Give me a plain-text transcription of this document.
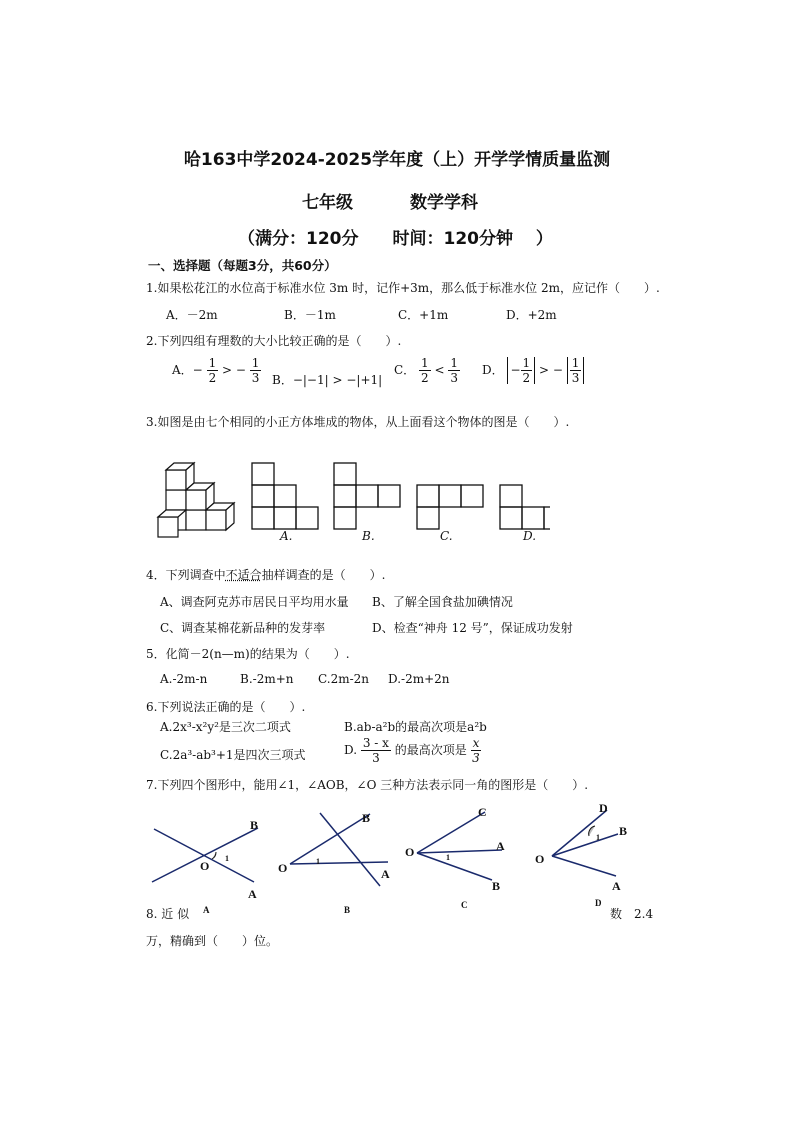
哈163中学2024-2025学年度（上）开学学情质量监测
七年级	数学学科
（满分：120分　　时间：120分钟　 ）
一、选择题（每题3分，共60分）
1.如果松花江的水位高于标准水位 3m 时，记作+3m，那么低于标准水位 2m，应记作（　　）.
A．－2m	B．－1m	C．+1m	D．+2m
2.下列四组有理数的大小比较正确的是（　　）.
A．− $\frac{1}{2}$ > − $\frac{1}{3}$ B．−|−1| > −|+1|
C． $\frac{1}{2} < \frac{1}{3}$ D． − $\frac{1}{2}$ > − $\frac{1}{3}$
3.如图是由七个相同的小正方体堆成的物体，从上面看这个物体的图是（　　）.
A.	B.	C.	D.
4．下列调查中不适合抽样调查的是（　　）.
A、调查阿克苏市居民日平均用水量 B、了解全国食盐加碘情况
C、调查某棉花新品种的发芽率	D、检查“神舟 12 号”，保证成功发射
5．化简－2(n—m)的结果为（　　）.
A.-2m-n	B.-2m+n C.2m-2n D.-2m+2n
6.下列说法正确的是（　　）.
A.2x³-x²y²是三次二项式	B.ab-a²b的最高次项是a²b
C.2a³-ab³+1是四次三项式	D. $\frac{3 - x}{3}$ 的最高次项是 $\frac{x}{3}$
7.下列四个图形中，能用∠1，∠AOB，∠O 三种方法表示同一角的图形是（　　）.
O
1
B
A
O	1
B
A
O	1
C
A
B
O
1
D
B
A
A	B	C	D
8. 近 似	数　2.4
万，精确到（　　）位。
